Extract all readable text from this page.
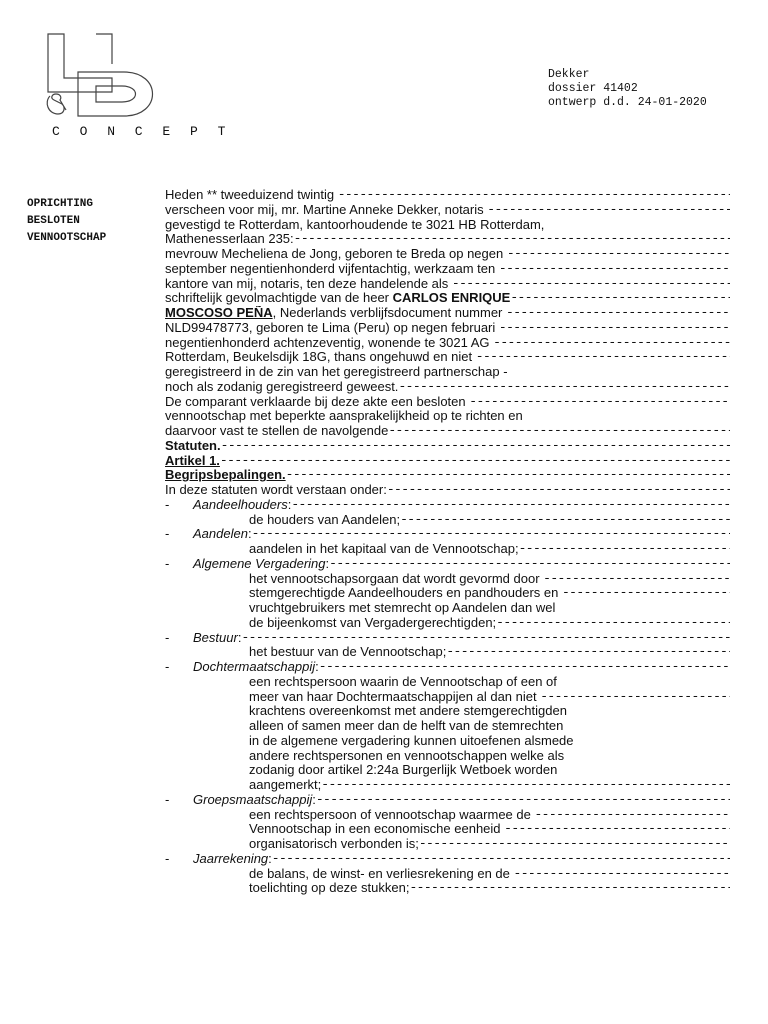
C O N C E P T
Dekker
dossier 41402
ontwerp d.d. 24-01-2020
OPRICHTING
BESLOTEN
VENNOOTSCHAP
Heden ** tweeduizend twintig
-----
verscheen voor mij, mr. Martine Anneke Dekker, notaris
-----
gevestigd te Rotterdam, kantoorhoudende te 3021 HB Rotterdam,
Mathenesserlaan 235:
-----
mevrouw Mecheliena de Jong, geboren te Breda op negen
-----
september negentienhonderd vijfentachtig, werkzaam ten
-----
kantore van mij, notaris, ten deze handelende als
-----
schriftelijk gevolmachtigde van de heer CARLOS ENRIQUE
-----
MOSCOSO PEÑA , Nederlands verblijfsdocument nummer
-----
NLD99478773, geboren te Lima (Peru) op negen februari
-----
negentienhonderd achtenzeventig, wonende te 3021 AG
-----
Rotterdam, Beukelsdijk 18G, thans ongehuwd en niet
-----
geregistreerd in de zin van het geregistreerd partnerschap -
noch als zodanig geregistreerd geweest.
-----
De comparant verklaarde bij deze akte een besloten
-----
vennootschap met beperkte aansprakelijkheid op te richten en
daarvoor vast te stellen de navolgende
-----
Statuten.
-----
Artikel 1.
-----
Begripsbepalingen.
-----
In deze statuten wordt verstaan onder:
-----
-	Aandeelhouders :
-----
de houders van Aandelen;
-----
-	Aandelen :
-----
aandelen in het kapitaal van de Vennootschap;
-----
-	Algemene Vergadering :
-----
het vennootschapsorgaan dat wordt gevormd door
-----
stemgerechtigde Aandeelhouders en pandhouders en
-----
vruchtgebruikers met stemrecht op Aandelen dan wel
de bijeenkomst van Vergadergerechtigden;
-----
-	Bestuur :
-----
het bestuur van de Vennootschap;
-----
-	Dochtermaatschappij :
-----
een rechtspersoon waarin de Vennootschap of een of
meer van haar Dochtermaatschappijen al dan niet
-----
krachtens overeenkomst met andere stemgerechtigden
alleen of samen meer dan de helft van de stemrechten
in de algemene vergadering kunnen uitoefenen alsmede
andere rechtspersonen en vennootschappen welke als
zodanig door artikel 2:24a Burgerlijk Wetboek worden
aangemerkt;
-----
-	Groepsmaatschappij :
-----
een rechtspersoon of vennootschap waarmee de
-----
Vennootschap in een economische eenheid
-----
organisatorisch verbonden is;
-----
-	Jaarrekening :
-----
de balans, de winst- en verliesrekening en de
-----
toelichting op deze stukken;
-----
